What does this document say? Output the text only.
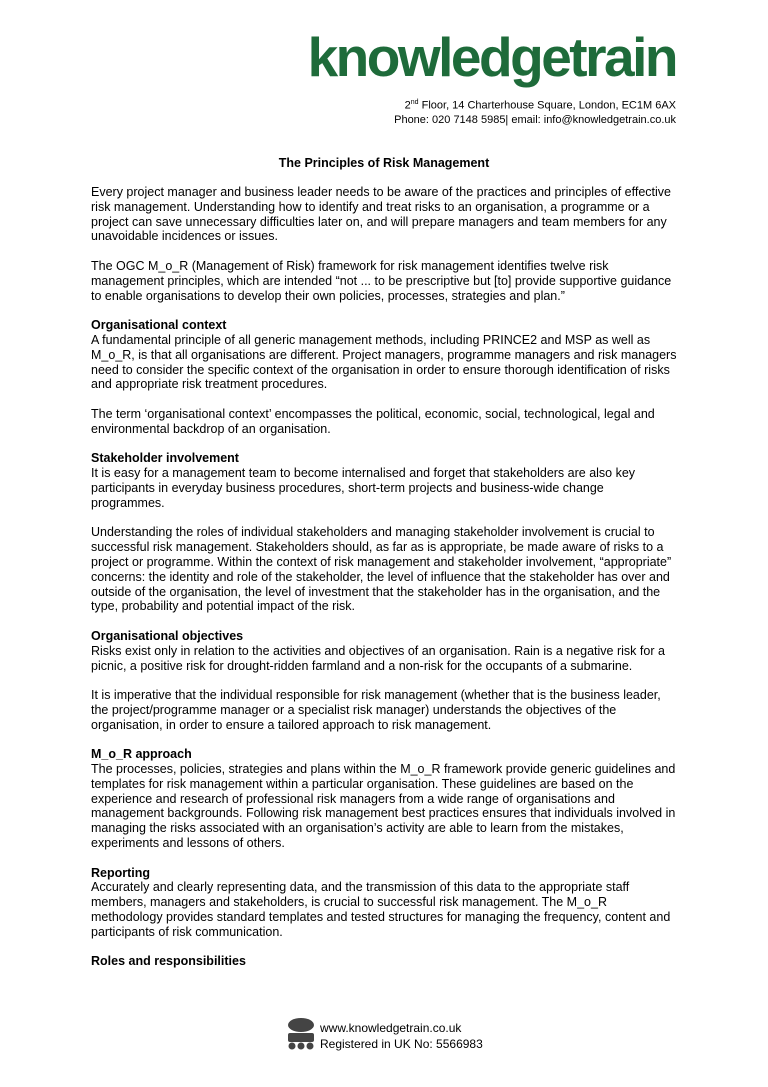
knowledgetrain
2nd Floor, 14 Charterhouse Square, London, EC1M 6AX
Phone: 020 7148 5985| email: info@knowledgetrain.co.uk
The Principles of Risk Management

Every project manager and business leader needs to be aware of the practices and principles of effective risk management. Understanding how to identify and treat risks to an organisation, a programme or a project can save unnecessary difficulties later on, and will prepare managers and team members for any unavoidable incidences or issues.

The OGC M_o_R (Management of Risk) framework for risk management identifies twelve risk management principles, which are intended “not ... to be prescriptive but [to] provide supportive guidance to enable organisations to develop their own policies, processes, strategies and plan.”

Organisational context

A fundamental principle of all generic management methods, including PRINCE2 and MSP as well as M_o_R, is that all organisations are different. Project managers, programme managers and risk managers need to consider the specific context of the organisation in order to ensure thorough identification of risks and appropriate risk treatment procedures.

The term ‘organisational context’ encompasses the political, economic, social, technological, legal and environmental backdrop of an organisation.

Stakeholder involvement

It is easy for a management team to become internalised and forget that stakeholders are also key participants in everyday business procedures, short-term projects and business-wide change programmes.

Understanding the roles of individual stakeholders and managing stakeholder involvement is crucial to successful risk management. Stakeholders should, as far as is appropriate, be made aware of risks to a project or programme. Within the context of risk management and stakeholder involvement, “appropriate” concerns: the identity and role of the stakeholder, the level of influence that the stakeholder has over and outside of the organisation, the level of investment that the stakeholder has in the organisation, and the type, probability and potential impact of the risk.

Organisational objectives

Risks exist only in relation to the activities and objectives of an organisation. Rain is a negative risk for a picnic, a positive risk for drought-ridden farmland and a non-risk for the occupants of a submarine.

It is imperative that the individual responsible for risk management (whether that is the business leader, the project/programme manager or a specialist risk manager) understands the objectives of the organisation, in order to ensure a tailored approach to risk management.

M_o_R approach

The processes, policies, strategies and plans within the M_o_R framework provide generic guidelines and templates for risk management within a particular organisation. These guidelines are based on the experience and research of professional risk managers from a wide range of organisations and management backgrounds. Following risk management best practices ensures that individuals involved in managing the risks associated with an organisation’s activity are able to learn from the mistakes, experiments and lessons of others.

Reporting

Accurately and clearly representing data, and the transmission of this data to the appropriate staff members, managers and stakeholders, is crucial to successful risk management. The M_o_R methodology provides standard templates and tested structures for managing the frequency, content and participants of risk communication.

Roles and responsibilities
www.knowledgetrain.co.uk
Registered in UK No: 5566983
